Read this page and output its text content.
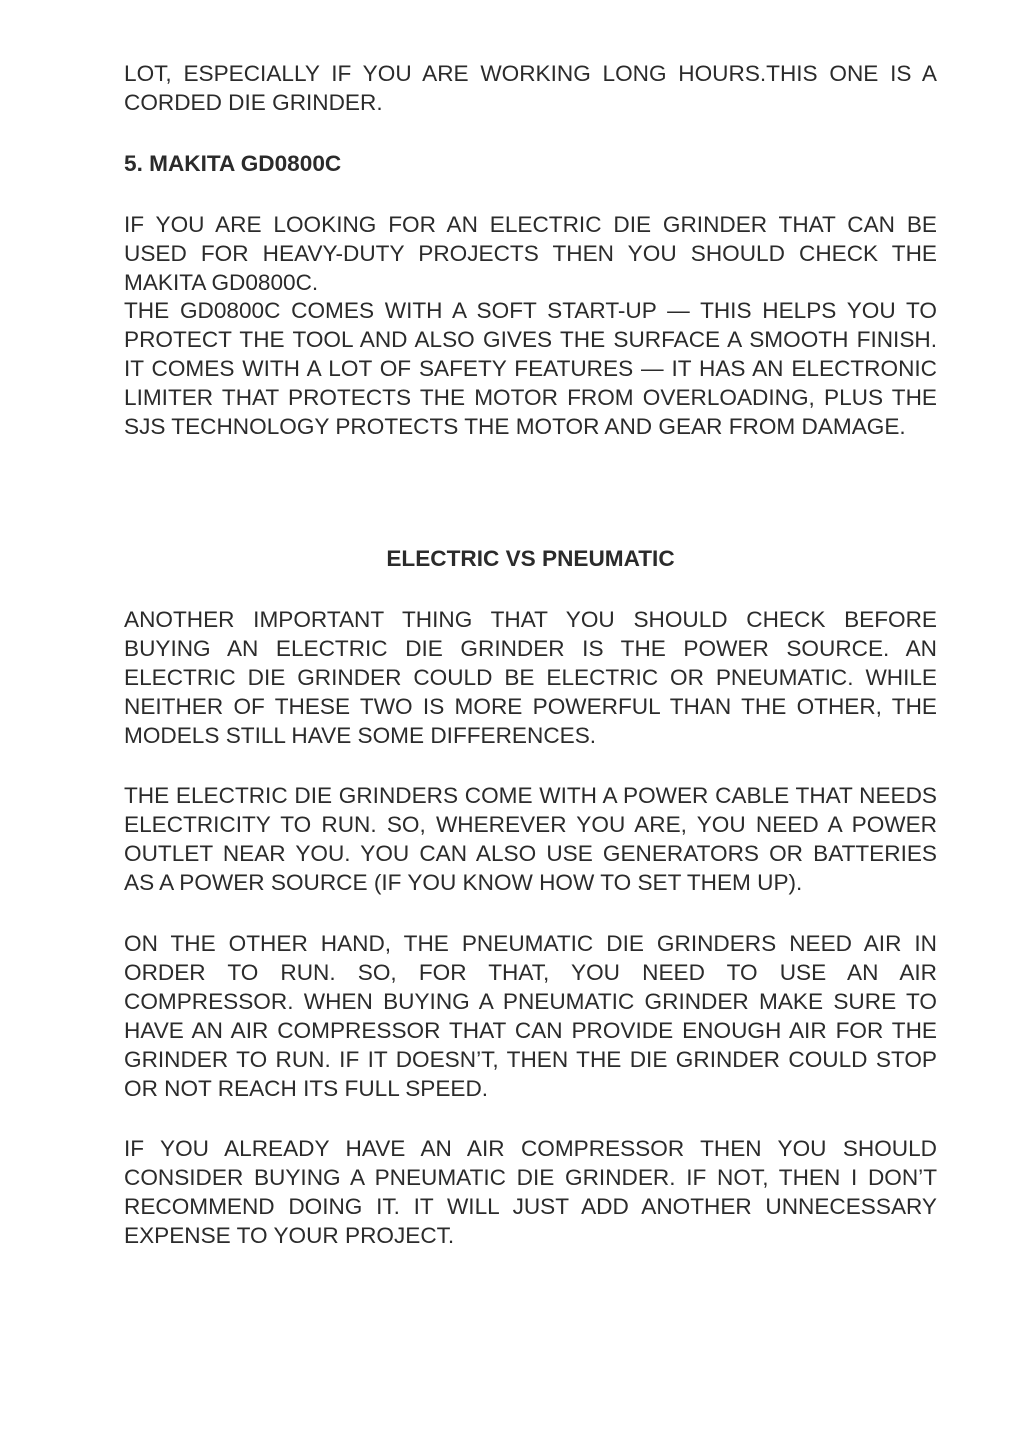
LOT, ESPECIALLY IF YOU ARE WORKING LONG HOURS.THIS ONE IS A CORDED DIE GRINDER.

5. MAKITA GD0800C

IF YOU ARE LOOKING FOR AN ELECTRIC DIE GRINDER THAT CAN BE USED FOR HEAVY-DUTY PROJECTS THEN YOU SHOULD CHECK THE MAKITA GD0800C.

THE GD0800C COMES WITH A SOFT START-UP — THIS HELPS YOU TO PROTECT THE TOOL AND ALSO GIVES THE SURFACE A SMOOTH FINISH. IT COMES WITH A LOT OF SAFETY FEATURES — IT HAS AN ELECTRONIC LIMITER THAT PROTECTS THE MOTOR FROM OVERLOADING, PLUS THE SJS TECHNOLOGY PROTECTS THE MOTOR AND GEAR FROM DAMAGE.

ELECTRIC VS PNEUMATIC

ANOTHER IMPORTANT THING THAT YOU SHOULD CHECK BEFORE BUYING AN ELECTRIC DIE GRINDER IS THE POWER SOURCE. AN ELECTRIC DIE GRINDER COULD BE ELECTRIC OR PNEUMATIC. WHILE NEITHER OF THESE TWO IS MORE POWERFUL THAN THE OTHER, THE MODELS STILL HAVE SOME DIFFERENCES.

THE ELECTRIC DIE GRINDERS COME WITH A POWER CABLE THAT NEEDS ELECTRICITY TO RUN. SO, WHEREVER YOU ARE, YOU NEED A POWER OUTLET NEAR YOU. YOU CAN ALSO USE GENERATORS OR BATTERIES AS A POWER SOURCE (IF YOU KNOW HOW TO SET THEM UP).

ON THE OTHER HAND, THE PNEUMATIC DIE GRINDERS NEED AIR IN ORDER TO RUN. SO, FOR THAT, YOU NEED TO USE AN AIR COMPRESSOR. WHEN BUYING A PNEUMATIC GRINDER MAKE SURE TO HAVE AN AIR COMPRESSOR THAT CAN PROVIDE ENOUGH AIR FOR THE GRINDER TO RUN. IF IT DOESN’T, THEN THE DIE GRINDER COULD STOP OR NOT REACH ITS FULL SPEED.

IF YOU ALREADY HAVE AN AIR COMPRESSOR THEN YOU SHOULD CONSIDER BUYING A PNEUMATIC DIE GRINDER. IF NOT, THEN I DON’T RECOMMEND DOING IT. IT WILL JUST ADD ANOTHER UNNECESSARY EXPENSE TO YOUR PROJECT.
